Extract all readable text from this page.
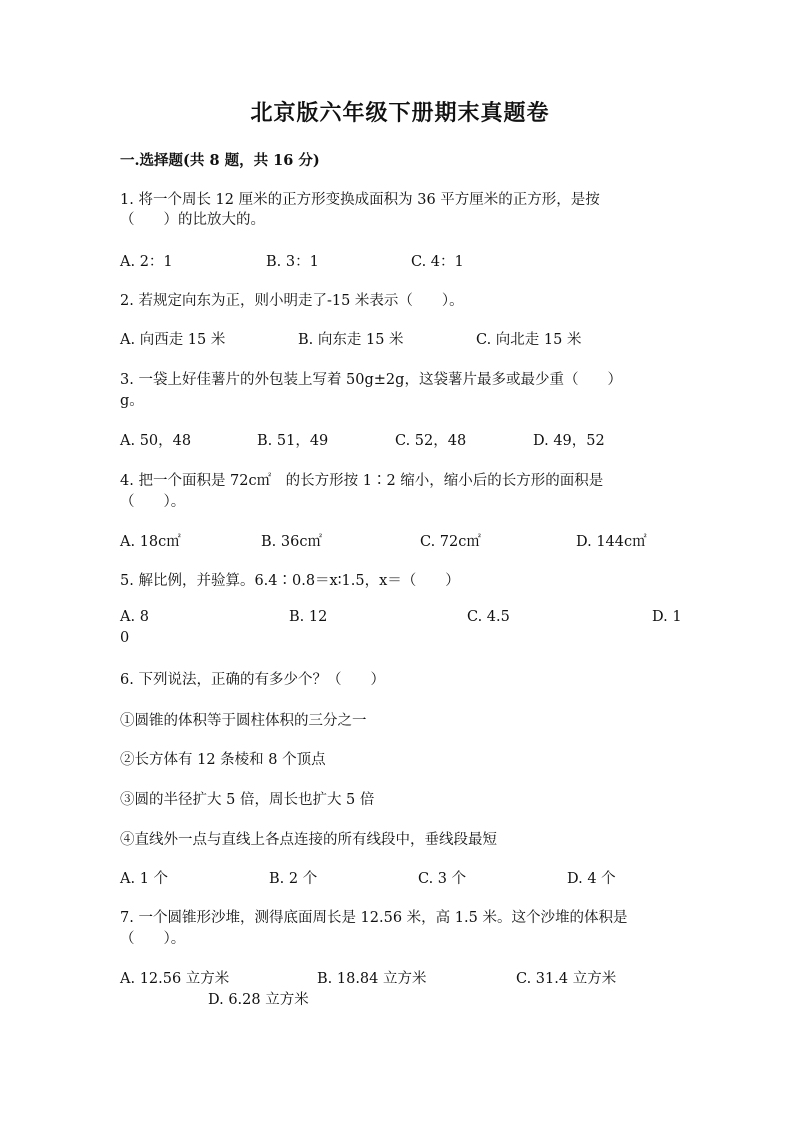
北京版六年级下册期末真题卷
一.选择题(共 8 题，共 16 分)
1. 将一个周长 12 厘米的正方形变换成面积为 36 平方厘米的正方形，是按
（　　）的比放大的。
A. 2：1	B. 3：1	C. 4：1
2. 若规定向东为正，则小明走了-15 米表示（　　）。
A. 向西走 15 米	B. 向东走 15 米	C. 向北走 15 米
3. 一袋上好佳薯片的外包装上写着 50g±2g，这袋薯片最多或最少重（　　）
g。
A. 50，48	B. 51，49	C. 52，48	D. 49，52
4. 把一个面积是 72c㎡　的长方形按 1∶2 缩小，缩小后的长方形的面积是
（　　）。
A. 18c㎡	B. 36c㎡	C. 72c㎡	D. 144c㎡
5. 解比例，并验算。6.4∶0.8＝x∶1.5，x＝（　　）
A. 8	B. 12	C. 4.5	D. 1
0
6. 下列说法，正确的有多少个？（　　）
①圆锥的体积等于圆柱体积的三分之一
②长方体有 12 条棱和 8 个顶点
③圆的半径扩大 5 倍，周长也扩大 5 倍
④直线外一点与直线上各点连接的所有线段中，垂线段最短
A. 1 个	B. 2 个	C. 3 个	D. 4 个
7. 一个圆锥形沙堆，测得底面周长是 12.56 米，高 1.5 米。这个沙堆的体积是
（　　）。
A. 12.56 立方米	B. 18.84 立方米	C. 31.4 立方米
D. 6.28 立方米
